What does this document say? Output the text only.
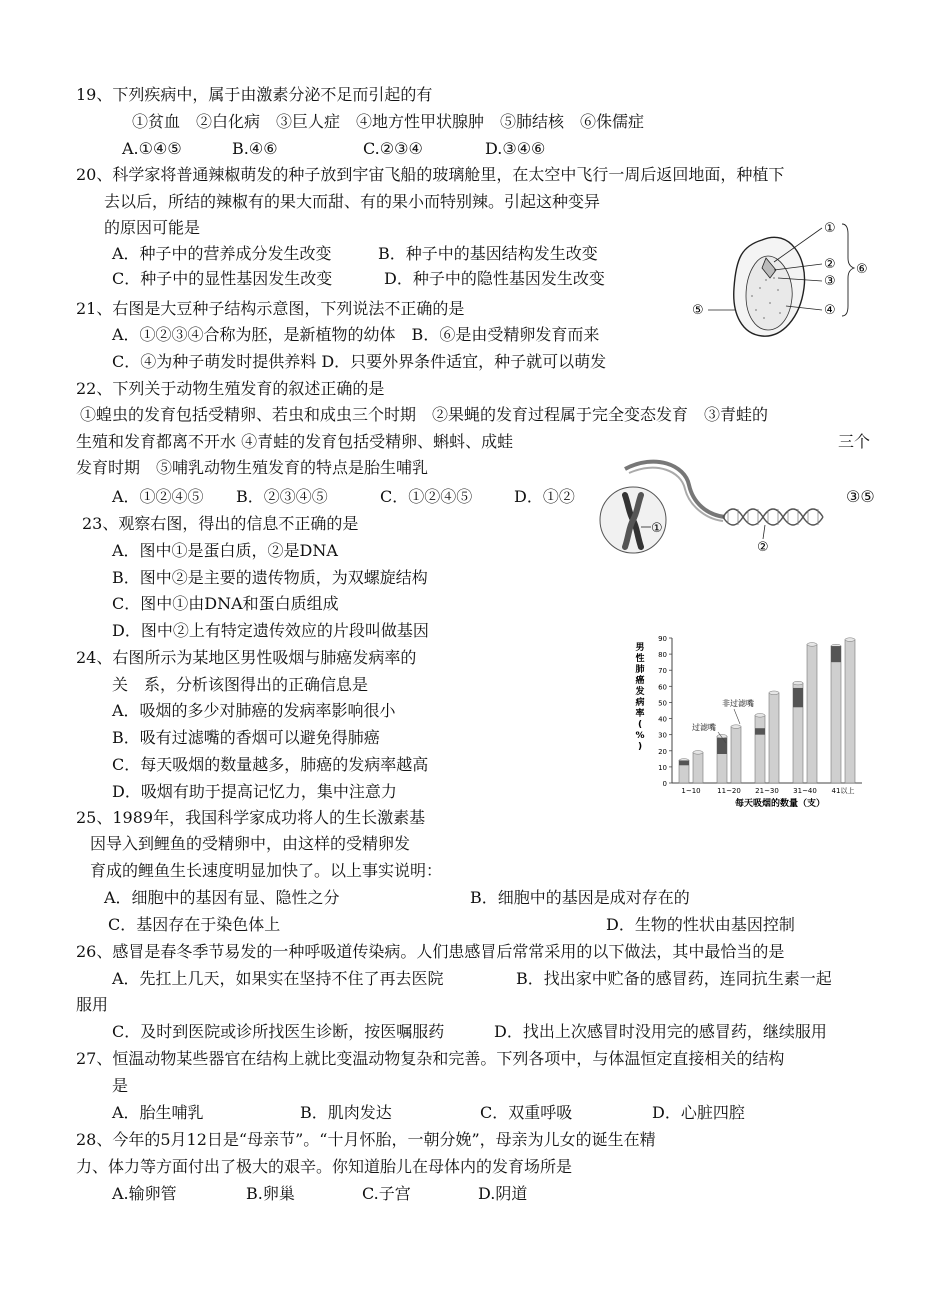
19、下列疾病中，属于由激素分泌不足而引起的有
①贫血　②白化病　③巨人症　④地方性甲状腺肿　⑤肺结核　⑥侏儒症
A.①④⑤	B.④⑥	C.②③④	D.③④⑥
20、科学家将普通辣椒萌发的种子放到宇宙飞船的玻璃舱里，在太空中飞行一周后返回地面，种植下
去以后，所结的辣椒有的果大而甜、有的果小而特别辣。引起这种变异
的原因可能是
A．种子中的营养成分发生改变	B．种子中的基因结构发生改变
C．种子中的显性基因发生改变	D．种子中的隐性基因发生改变
21、右图是大豆种子结构示意图，下列说法不正确的是
A．①②③④合称为胚，是新植物的幼体　B．⑥是由受精卵发育而来
C．④为种子萌发时提供养料 D．只要外界条件适宜，种子就可以萌发
①
②
③
④
⑤
⑥
22、下列关于动物生殖发育的叙述正确的是
①蝗虫的发育包括受精卵、若虫和成虫三个时期　②果蝇的发育过程属于完全变态发育　③青蛙的
生殖和发育都离不开水 ④青蛙的发育包括受精卵、蝌蚪、成蛙	三个
发育时期　⑤哺乳动物生殖发育的特点是胎生哺乳
A．①②④⑤ B．②③④⑤	C．①②④⑤	D．①②	③⑤
①
②
23、观察右图，得出的信息不正确的是
A．图中①是蛋白质，②是DNA
B．图中②是主要的遗传物质，为双螺旋结构
C．图中①由DNA和蛋白质组成
D．图中②上有特定遗传效应的片段叫做基因
24、右图所示为某地区男性吸烟与肺癌发病率的
关　系，分析该图得出的正确信息是
A．吸烟的多少对肺癌的发病率影响很小
B．吸有过滤嘴的香烟可以避免得肺癌
C．每天吸烟的数量越多，肺癌的发病率越高
D．吸烟有助于提高记忆力，集中注意力
男
性
肺
癌
发
病
率
(
%
)
0
10
20
30
40
50
60
70
80
90
1~10 11~20 21~30 31~40 41以上
非过滤嘴
过滤嘴
每天吸烟的数量（支）
25、1989年，我国科学家成功将人的生长激素基
因导入到鲤鱼的受精卵中，由这样的受精卵发
育成的鲤鱼生长速度明显加快了。以上事实说明：
A．细胞中的基因有显、隐性之分	B．细胞中的基因是成对存在的
C．基因存在于染色体上	D．生物的性状由基因控制
26、感冒是春冬季节易发的一种呼吸道传染病。人们患感冒后常常采用的以下做法，其中最恰当的是
A．先扛上几天，如果实在坚持不住了再去医院	B．找出家中贮备的感冒药，连同抗生素一起
服用
C．及时到医院或诊所找医生诊断，按医嘱服药	D．找出上次感冒时没用完的感冒药，继续服用
27、恒温动物某些器官在结构上就比变温动物复杂和完善。下列各项中，与体温恒定直接相关的结构
是
A．胎生哺乳	B．肌肉发达	C．双重呼吸	D．心脏四腔
28、今年的5月12日是“母亲节”。“十月怀胎，一朝分娩”，母亲为儿女的诞生在精
力、体力等方面付出了极大的艰辛。你知道胎儿在母体内的发育场所是
A.输卵管	B.卵巢	C.子宫	D.阴道
